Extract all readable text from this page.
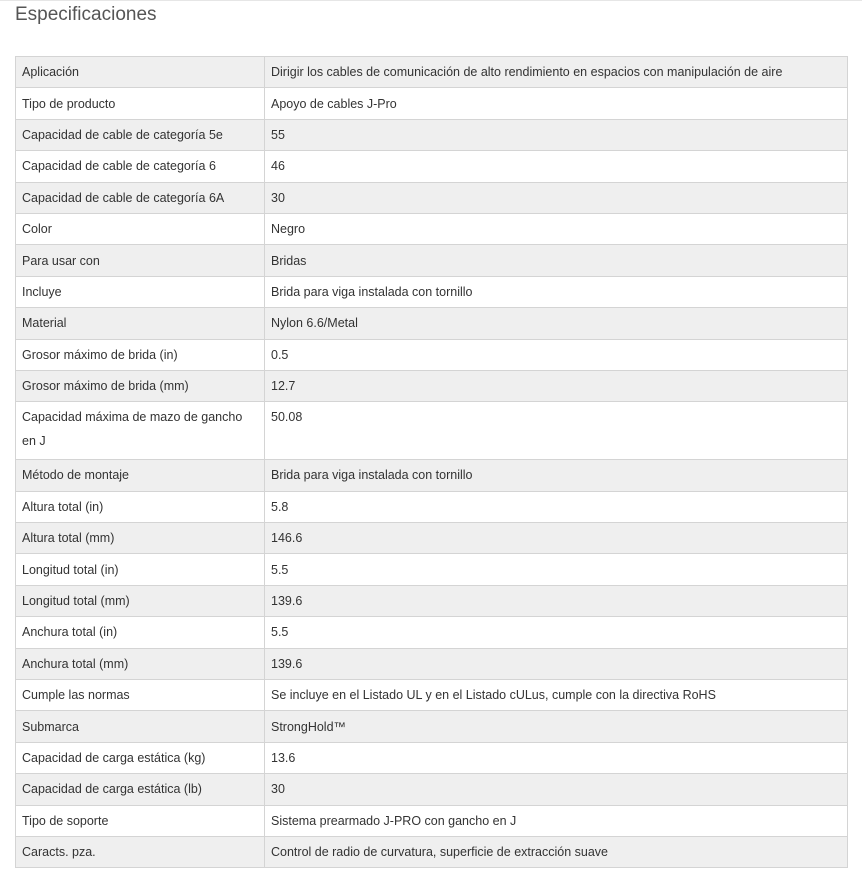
Especificaciones
Aplicación	Dirigir los cables de comunicación de alto rendimiento en espacios con manipulación de aire
Tipo de producto	Apoyo de cables J-Pro
Capacidad de cable de categoría 5e	55
Capacidad de cable de categoría 6	46
Capacidad de cable de categoría 6A	30
Color	Negro
Para usar con	Bridas
Incluye	Brida para viga instalada con tornillo
Material	Nylon 6.6/Metal
Grosor máximo de brida (in)	0.5
Grosor máximo de brida (mm)	12.7
Capacidad máxima de mazo de gancho en J	50.08
Método de montaje	Brida para viga instalada con tornillo
Altura total (in)	5.8
Altura total (mm)	146.6
Longitud total (in)	5.5
Longitud total (mm)	139.6
Anchura total (in)	5.5
Anchura total (mm)	139.6
Cumple las normas	Se incluye en el Listado UL y en el Listado cULus, cumple con la directiva RoHS
Submarca	StrongHold™
Capacidad de carga estática (kg)	13.6
Capacidad de carga estática (lb)	30
Tipo de soporte	Sistema prearmado J-PRO con gancho en J
Caracts. pza.	Control de radio de curvatura, superficie de extracción suave
